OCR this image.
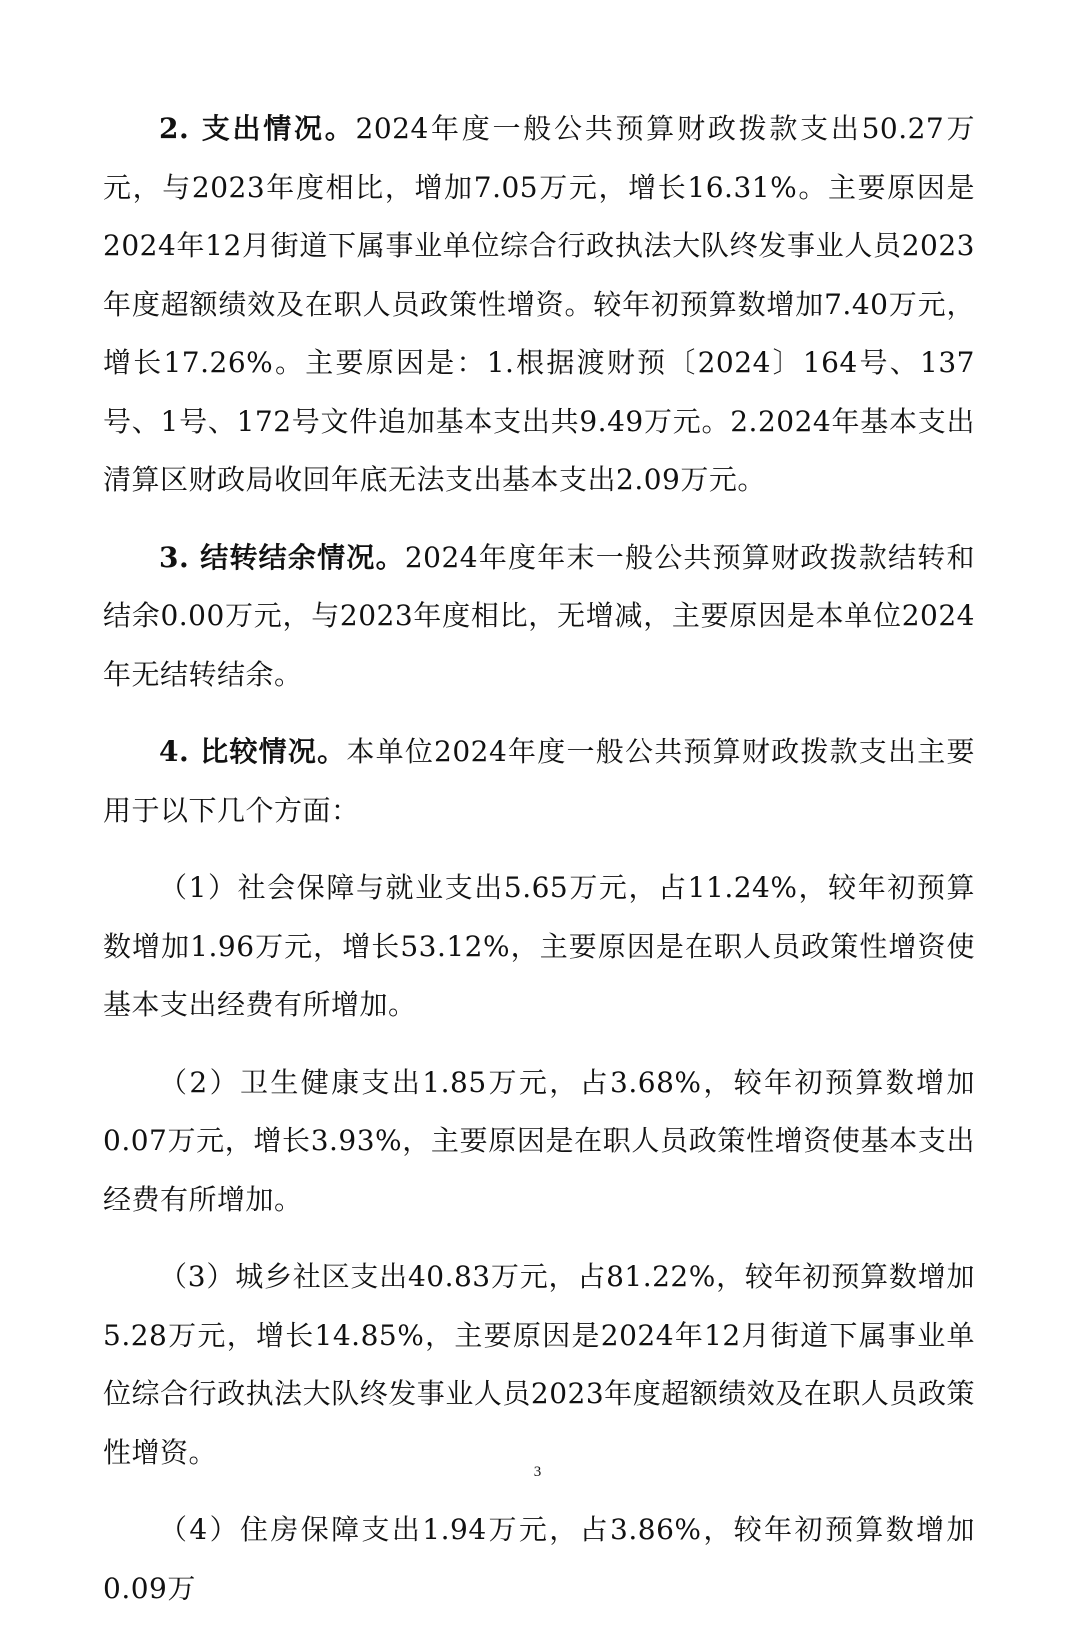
2. 支出情况。2024年度一般公共预算财政拨款支出50.27万元，与2023年度相比，增加7.05万元，增长16.31%。主要原因是2024年12月街道下属事业单位综合行政执法大队终发事业人员2023年度超额绩效及在职人员政策性增资。较年初预算数增加7.40万元，增长17.26%。主要原因是：1.根据渡财预〔2024〕164号、137号、1号、172号文件追加基本支出共9.49万元。2.2024年基本支出清算区财政局收回年底无法支出基本支出2.09万元。

3. 结转结余情况。2024年度年末一般公共预算财政拨款结转和结余0.00万元，与2023年度相比，无增减，主要原因是本单位2024年无结转结余。

4. 比较情况。本单位2024年度一般公共预算财政拨款支出主要用于以下几个方面：

（1）社会保障与就业支出5.65万元，占11.24%，较年初预算数增加1.96万元，增长53.12%，主要原因是在职人员政策性增资使基本支出经费有所增加。

（2）卫生健康支出1.85万元，占3.68%，较年初预算数增加0.07万元，增长3.93%，主要原因是在职人员政策性增资使基本支出经费有所增加。

（3）城乡社区支出40.83万元，占81.22%，较年初预算数增加5.28万元，增长14.85%，主要原因是2024年12月街道下属事业单位综合行政执法大队终发事业人员2023年度超额绩效及在职人员政策性增资。

（4）住房保障支出1.94万元，占3.86%，较年初预算数增加0.09万

3
